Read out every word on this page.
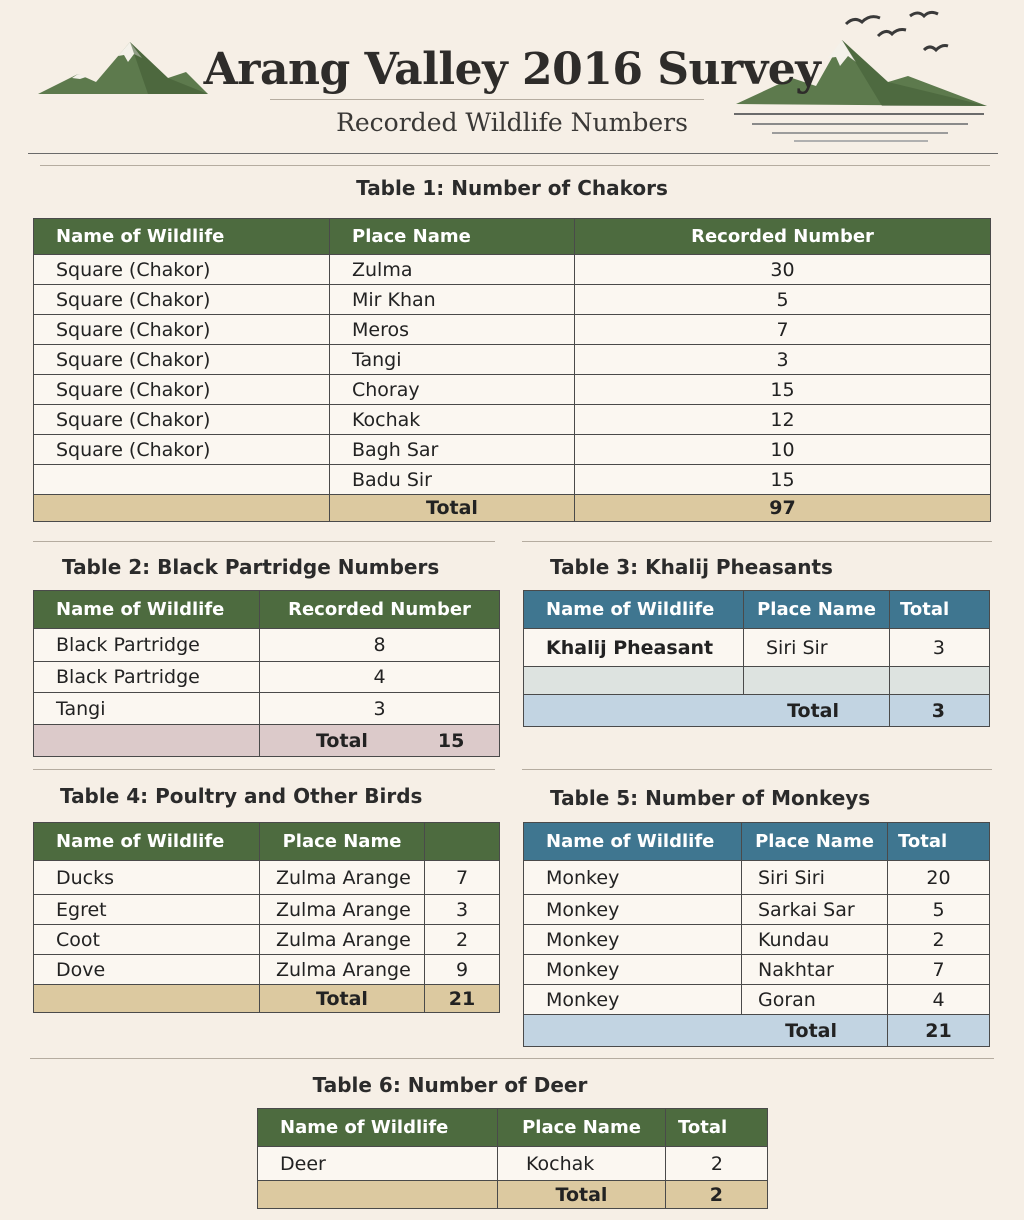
Arang Valley 2016 Survey
Recorded Wildlife Numbers
Table 1: Number of Chakors
Name of Wildlife	Place Name	Recorded Number
Square (Chakor)	Zulma	30
Square (Chakor)	Mir Khan	5
Square (Chakor)	Meros	7
Square (Chakor)	Tangi	3
Square (Chakor)	Choray	15
Square (Chakor)	Kochak	12
Square (Chakor)	Bagh Sar	10
	Badu Sir	15
	Total	97
Table 2: Black Partridge Numbers
Name of Wildlife	Recorded Number
Black Partridge	8
Black Partridge	4
Tangi	3
	Total 15
Table 3: Khalij Pheasants
Name of Wildlife	Place Name	Total
Khalij Pheasant	Siri Sir	3

Total		3
Table 4: Poultry and Other Birds
Name of Wildlife	Place Name	
Ducks	Zulma Arange	7
Egret	Zulma Arange	3
Coot	Zulma Arange	2
Dove	Zulma Arange	9
	Total	21
Table 5: Number of Monkeys
Name of Wildlife	Place Name	Total
Monkey	Siri Siri	20
Monkey	Sarkai Sar	5
Monkey	Kundau	2
Monkey	Nakhtar	7
Monkey	Goran	4
Total		21
Table 6: Number of Deer
Name of Wildlife	Place Name	Total
Deer	Kochak	2
	Total	2
